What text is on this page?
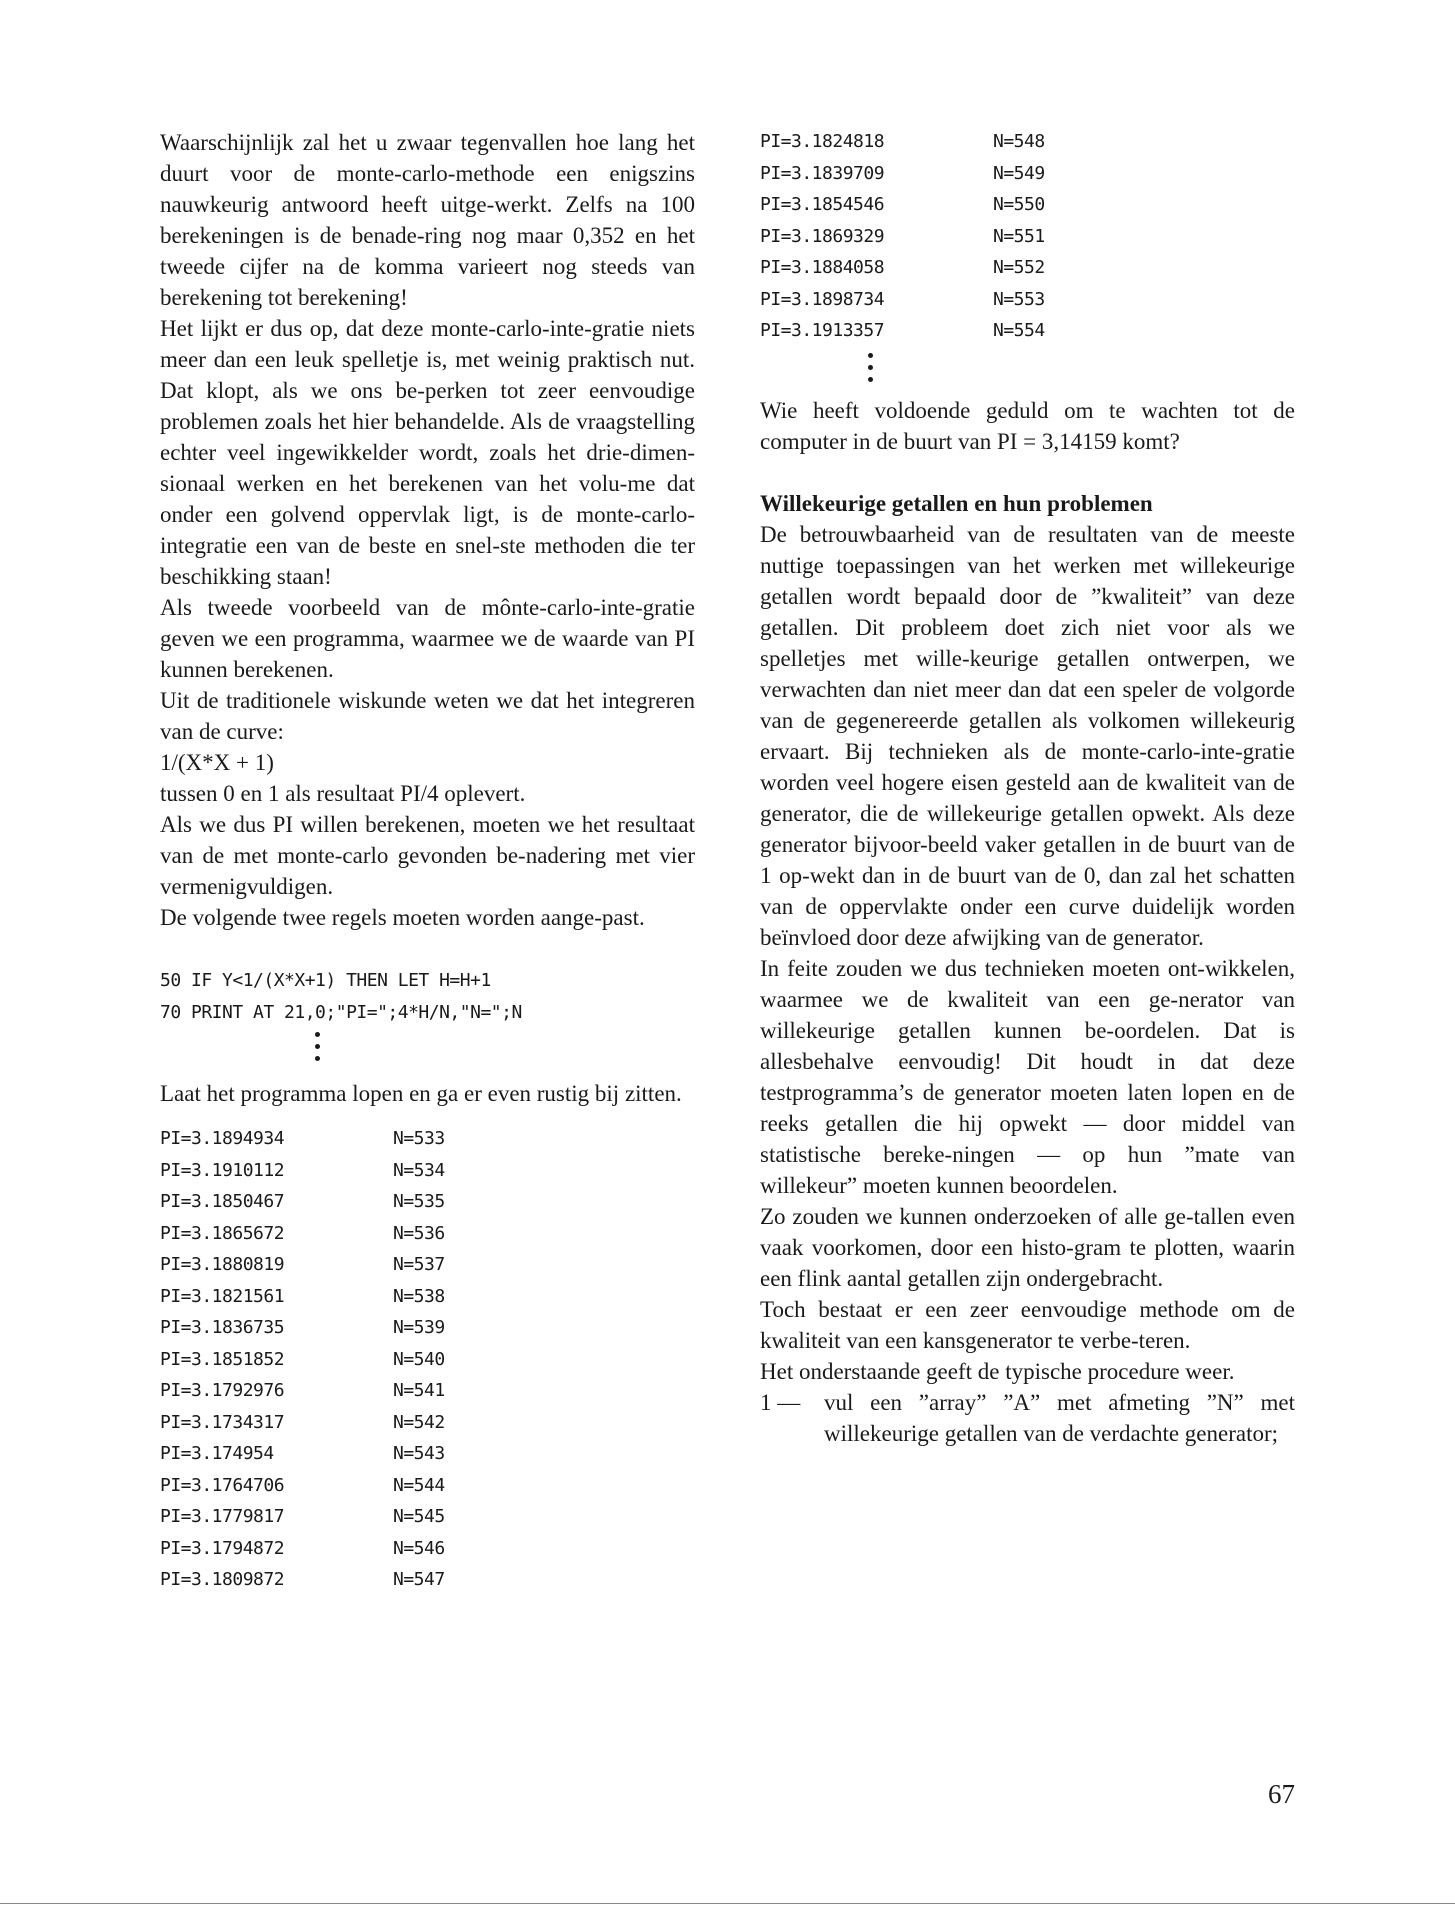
Waarschijnlijk zal het u zwaar tegenvallen hoe lang het duurt voor de monte-carlo-methode een enigszins nauwkeurig antwoord heeft uitge-werkt. Zelfs na 100 berekeningen is de benade-ring nog maar 0,352 en het tweede cijfer na de komma varieert nog steeds van berekening tot berekening!

Het lijkt er dus op, dat deze monte-carlo-inte-gratie niets meer dan een leuk spelletje is, met weinig praktisch nut. Dat klopt, als we ons be-perken tot zeer eenvoudige problemen zoals het hier behandelde. Als de vraagstelling echter veel ingewikkelder wordt, zoals het drie-dimen-sionaal werken en het berekenen van het volu-me dat onder een golvend oppervlak ligt, is de monte-carlo-integratie een van de beste en snel-ste methoden die ter beschikking staan!

Als tweede voorbeeld van de mônte-carlo-inte-gratie geven we een programma, waarmee we de waarde van PI kunnen berekenen.

Uit de traditionele wiskunde weten we dat het integreren van de curve:

1/(X*X + 1)

tussen 0 en 1 als resultaat PI/4 oplevert.

Als we dus PI willen berekenen, moeten we het resultaat van de met monte-carlo gevonden be-nadering met vier vermenigvuldigen.

De volgende twee regels moeten worden aange-past.

50 IF Y<1/(X*X+1) THEN LET H=H+1
70 PRINT AT 21,0;"PI=";4*H/N,"N=";N

Laat het programma lopen en ga er even rustig bij zitten.

PI=3.1894934	N=533
PI=3.1910112	N=534
PI=3.1850467	N=535
PI=3.1865672	N=536
PI=3.1880819	N=537
PI=3.1821561	N=538
PI=3.1836735	N=539
PI=3.1851852	N=540
PI=3.1792976	N=541
PI=3.1734317	N=542
PI=3.174954	N=543
PI=3.1764706	N=544
PI=3.1779817	N=545
PI=3.1794872	N=546
PI=3.1809872	N=547
PI=3.1824818	N=548
PI=3.1839709	N=549
PI=3.1854546	N=550
PI=3.1869329	N=551
PI=3.1884058	N=552
PI=3.1898734	N=553
PI=3.1913357	N=554

Wie heeft voldoende geduld om te wachten tot de computer in de buurt van PI = 3,14159 komt?

Willekeurige getallen en hun problemen

De betrouwbaarheid van de resultaten van de meeste nuttige toepassingen van het werken met willekeurige getallen wordt bepaald door de ”kwaliteit” van deze getallen. Dit probleem doet zich niet voor als we spelletjes met wille-keurige getallen ontwerpen, we verwachten dan niet meer dan dat een speler de volgorde van de gegenereerde getallen als volkomen willekeurig ervaart. Bij technieken als de monte-carlo-inte-gratie worden veel hogere eisen gesteld aan de kwaliteit van de generator, die de willekeurige getallen opwekt. Als deze generator bijvoor-beeld vaker getallen in de buurt van de 1 op-wekt dan in de buurt van de 0, dan zal het schatten van de oppervlakte onder een curve duidelijk worden beïnvloed door deze afwijking van de generator.

In feite zouden we dus technieken moeten ont-wikkelen, waarmee we de kwaliteit van een ge-nerator van willekeurige getallen kunnen be-oordelen. Dat is allesbehalve eenvoudig! Dit houdt in dat deze testprogramma’s de generator moeten laten lopen en de reeks getallen die hij opwekt — door middel van statistische bereke-ningen — op hun ”mate van willekeur” moeten kunnen beoordelen.

Zo zouden we kunnen onderzoeken of alle ge-tallen even vaak voorkomen, door een histo-gram te plotten, waarin een flink aantal getallen zijn ondergebracht.

Toch bestaat er een zeer eenvoudige methode om de kwaliteit van een kansgenerator te verbe-teren.

Het onderstaande geeft de typische procedure weer.

1 —	vul een ”array” ”A” met afmeting ”N” met willekeurige getallen van de verdachte generator;
67
